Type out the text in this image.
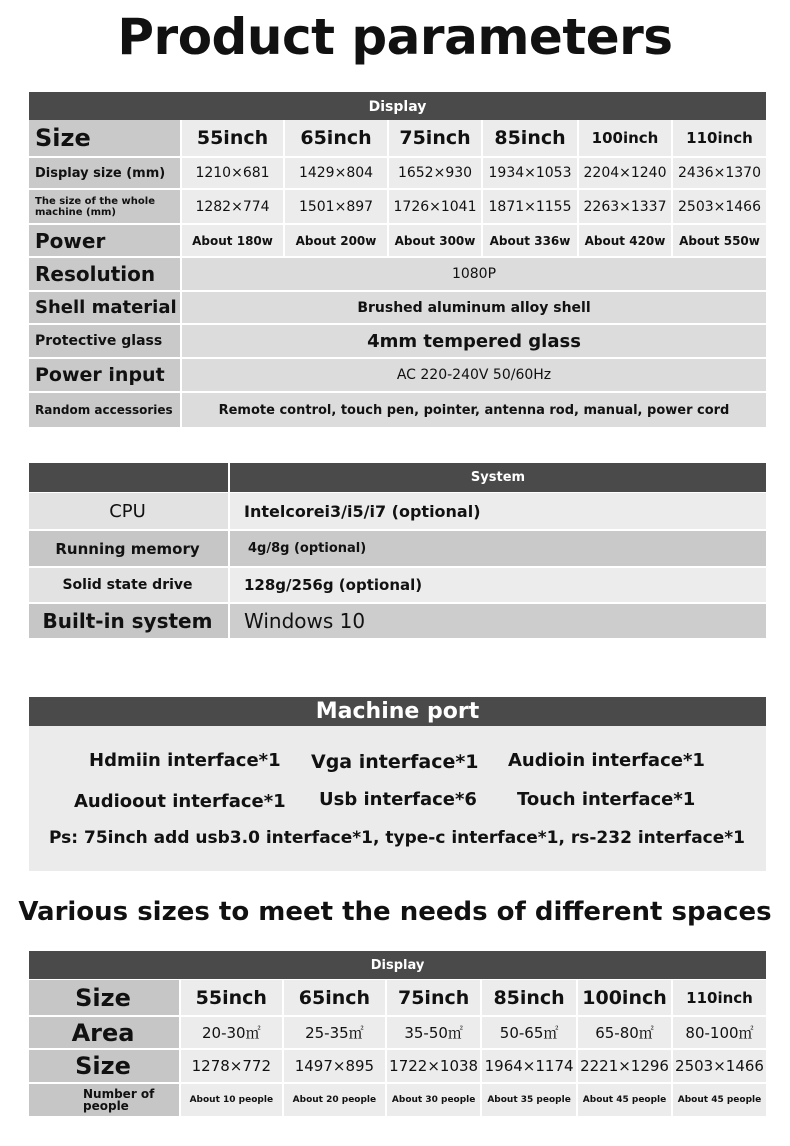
Product parameters
Display
Size	55inch	65inch	75inch	85inch	100inch	110inch
Display size (mm)	1210×681	1429×804	1652×930	1934×1053	2204×1240	2436×1370
The size of the whole machine (mm)	1282×774	1501×897	1726×1041	1871×1155	2263×1337	2503×1466
Power	About 180w	About 200w	About 300w	About 336w	About 420w	About 550w
Resolution	1080P					
Shell material	Brushed aluminum alloy shell					
Protective glass	4mm tempered glass					
Power input	AC 220-240V 50/60Hz					
Random accessories	Remote control, touch pen, pointer, antenna rod, manual, power cord					
System
CPU	Intelcorei3/i5/i7 (optional)
Running memory	4g/8g (optional)
Solid state drive	128g/256g (optional)
Built-in system	Windows 10
Machine port
Hdmiin interface*1 Vga interface*1 Audioin interface*1
Audioout interface*1 Usb interface*6 Touch interface*1
Ps: 75inch add usb3.0 interface*1, type-c interface*1, rs-232 interface*1
Various sizes to meet the needs of different spaces
Display
Size	55inch	65inch	75inch	85inch	100inch	110inch
Area	20-30㎡	25-35㎡	35-50㎡	50-65㎡	65-80㎡	80-100㎡
Size	1278×772	1497×895	1722×1038	1964×1174	2221×1296	2503×1466
Number of people	About 10 people	About 20 people	About 30 people	About 35 people	About 45 people	About 45 people
